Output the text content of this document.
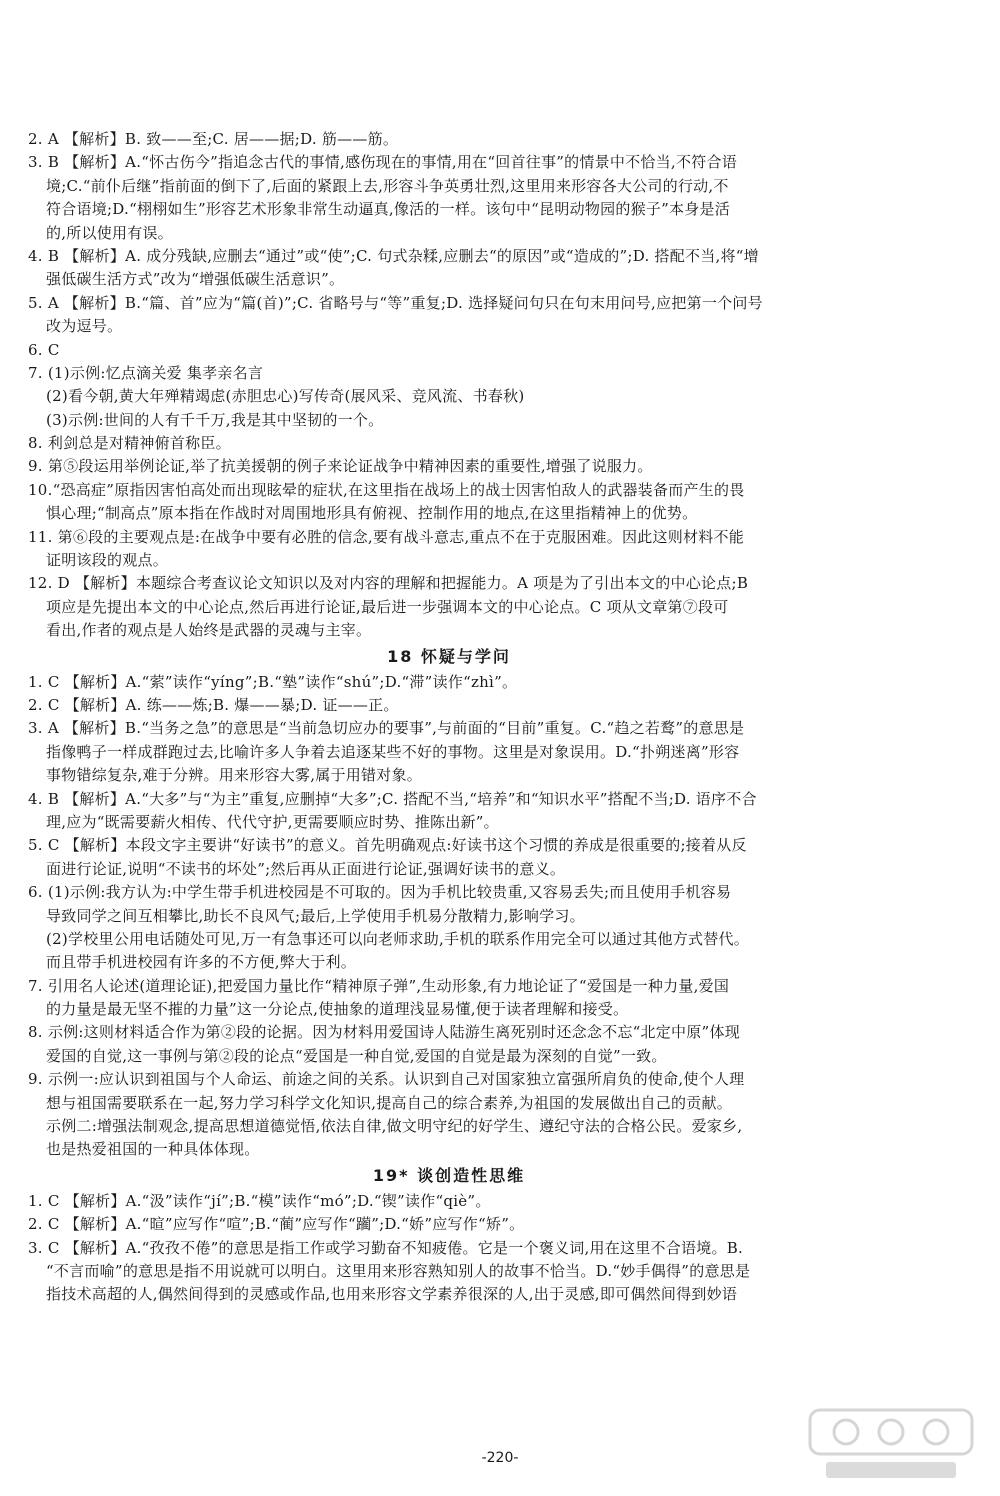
2. A 【解析】B. 致——至;C. 居——据;D. 筋——筋。
3. B 【解析】A.“怀古伤今”指追念古代的事情,感伤现在的事情,用在“回首往事”的情景中不恰当,不符合语
境;C.“前仆后继”指前面的倒下了,后面的紧跟上去,形容斗争英勇壮烈,这里用来形容各大公司的行动,不
符合语境;D.“栩栩如生”形容艺术形象非常生动逼真,像活的一样。该句中“昆明动物园的猴子”本身是活
的,所以使用有误。
4. B 【解析】A. 成分残缺,应删去“通过”或“使”;C. 句式杂糅,应删去“的原因”或“造成的”;D. 搭配不当,将“增
强低碳生活方式”改为“增强低碳生活意识”。
5. A 【解析】B.“篇、首”应为“篇(首)”;C. 省略号与“等”重复;D. 选择疑问句只在句末用问号,应把第一个问号
改为逗号。
6. C
7. (1)示例:忆点滴关爱 集孝亲名言
(2)看今朝,黄大年殚精竭虑(赤胆忠心)写传奇(展风采、竞风流、书春秋)
(3)示例:世间的人有千千万,我是其中坚韧的一个。
8. 利剑总是对精神俯首称臣。
9. 第⑤段运用举例论证,举了抗美援朝的例子来论证战争中精神因素的重要性,增强了说服力。
10.“恐高症”原指因害怕高处而出现眩晕的症状,在这里指在战场上的战士因害怕敌人的武器装备而产生的畏
惧心理;“制高点”原本指在作战时对周围地形具有俯视、控制作用的地点,在这里指精神上的优势。
11. 第⑥段的主要观点是:在战争中要有必胜的信念,要有战斗意志,重点不在于克服困难。因此这则材料不能
证明该段的观点。
12. D 【解析】本题综合考查议论文知识以及对内容的理解和把握能力。A 项是为了引出本文的中心论点;B
项应是先提出本文的中心论点,然后再进行论证,最后进一步强调本文的中心论点。C 项从文章第⑦段可
看出,作者的观点是人始终是武器的灵魂与主宰。
18 怀疑与学问
1. C 【解析】A.“萦”读作“yíng”;B.“塾”读作“shú”;D.“滞”读作“zhì”。
2. C 【解析】A. 练——炼;B. 爆——暴;D. 证——正。
3. A 【解析】B.“当务之急”的意思是“当前急切应办的要事”,与前面的“目前”重复。C.“趋之若鹜”的意思是
指像鸭子一样成群跑过去,比喻许多人争着去追逐某些不好的事物。这里是对象误用。D.“扑朔迷离”形容
事物错综复杂,难于分辨。用来形容大雾,属于用错对象。
4. B 【解析】A.“大多”与“为主”重复,应删掉“大多”;C. 搭配不当,“培养”和“知识水平”搭配不当;D. 语序不合
理,应为“既需要薪火相传、代代守护,更需要顺应时势、推陈出新”。
5. C 【解析】本段文字主要讲“好读书”的意义。首先明确观点:好读书这个习惯的养成是很重要的;接着从反
面进行论证,说明“不读书的坏处”;然后再从正面进行论证,强调好读书的意义。
6. (1)示例:我方认为:中学生带手机进校园是不可取的。因为手机比较贵重,又容易丢失;而且使用手机容易
导致同学之间互相攀比,助长不良风气;最后,上学使用手机易分散精力,影响学习。
(2)学校里公用电话随处可见,万一有急事还可以向老师求助,手机的联系作用完全可以通过其他方式替代。
而且带手机进校园有许多的不方便,弊大于利。
7. 引用名人论述(道理论证),把爱国力量比作“精神原子弹”,生动形象,有力地论证了“爱国是一种力量,爱国
的力量是最无坚不摧的力量”这一分论点,使抽象的道理浅显易懂,便于读者理解和接受。
8. 示例:这则材料适合作为第②段的论据。因为材料用爱国诗人陆游生离死别时还念念不忘“北定中原”体现
爱国的自觉,这一事例与第②段的论点“爱国是一种自觉,爱国的自觉是最为深刻的自觉”一致。
9. 示例一:应认识到祖国与个人命运、前途之间的关系。认识到自己对国家独立富强所肩负的使命,使个人理
想与祖国需要联系在一起,努力学习科学文化知识,提高自己的综合素养,为祖国的发展做出自己的贡献。
示例二:增强法制观念,提高思想道德觉悟,依法自律,做文明守纪的好学生、遵纪守法的合格公民。爱家乡,
也是热爱祖国的一种具体体现。
19* 谈创造性思维
1. C 【解析】A.“汲”读作“jí”;B.“模”读作“mó”;D.“锲”读作“qiè”。
2. C 【解析】A.“暄”应写作“喧”;B.“蔺”应写作“躏”;D.“娇”应写作“矫”。
3. C 【解析】A.“孜孜不倦”的意思是指工作或学习勤奋不知疲倦。它是一个褒义词,用在这里不合语境。B.
“不言而喻”的意思是指不用说就可以明白。这里用来形容熟知别人的故事不恰当。D.“妙手偶得”的意思是
指技术高超的人,偶然间得到的灵感或作品,也用来形容文学素养很深的人,出于灵感,即可偶然间得到妙语
-220-
